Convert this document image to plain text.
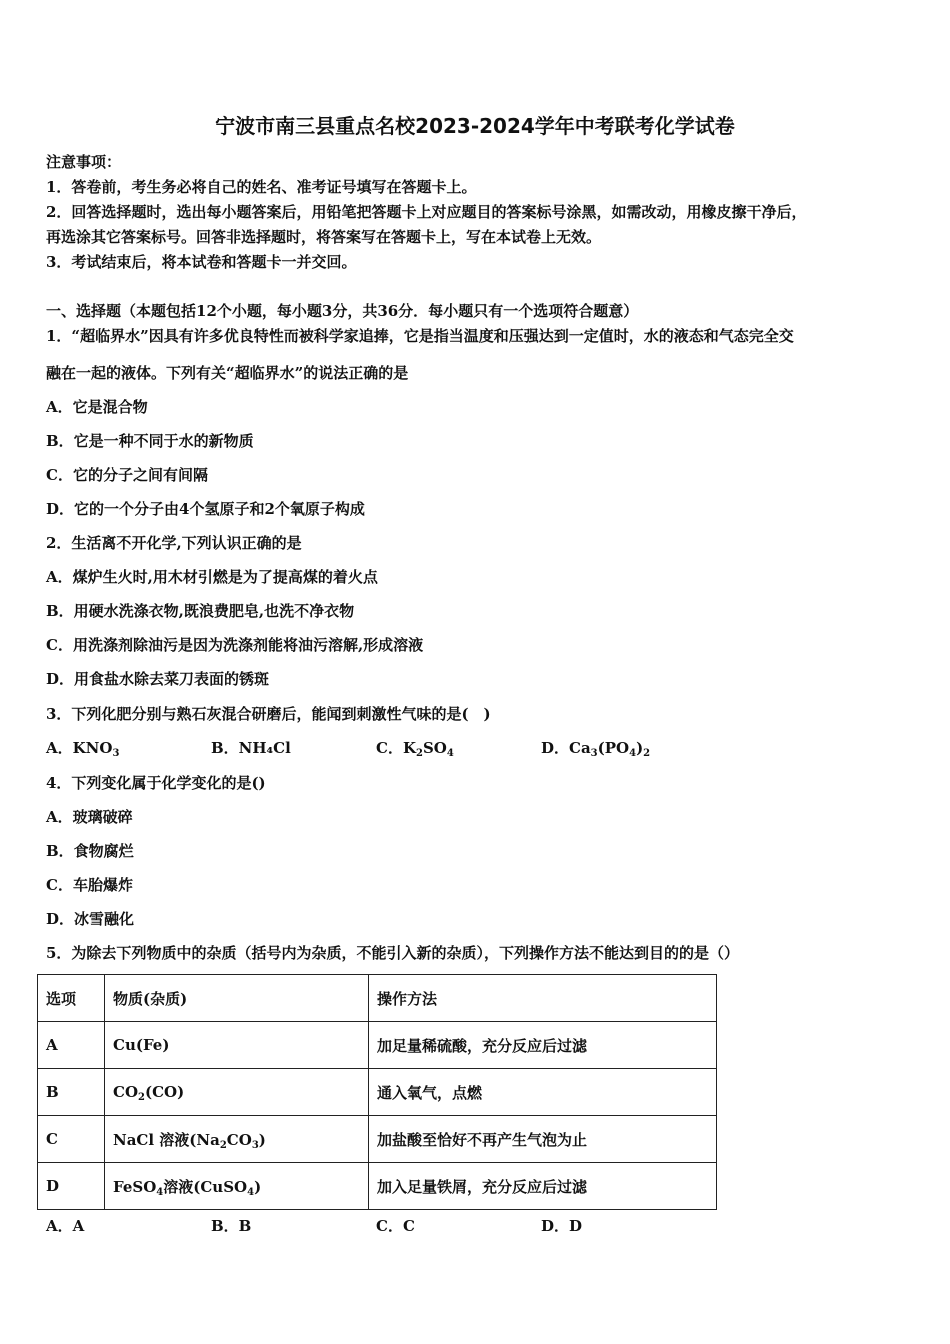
宁波市南三县重点名校2023-2024学年中考联考化学试卷
注意事项：
1．答卷前，考生务必将自己的姓名、准考证号填写在答题卡上。
2．回答选择题时，选出每小题答案后，用铅笔把答题卡上对应题目的答案标号涂黑，如需改动，用橡皮擦干净后，
再选涂其它答案标号。回答非选择题时，将答案写在答题卡上，写在本试卷上无效。
3．考试结束后，将本试卷和答题卡一并交回。
一、选择题（本题包括12个小题，每小题3分，共36分．每小题只有一个选项符合题意）
1．“超临界水”因具有许多优良特性而被科学家追捧，它是指当温度和压强达到一定值时，水的液态和气态完全交
融在一起的液体。下列有关“超临界水”的说法正确的是
A．它是混合物
B．它是一种不同于水的新物质
C．它的分子之间有间隔
D．它的一个分子由4个氢原子和2个氧原子构成
2．生活离不开化学,下列认识正确的是
A．煤炉生火时,用木材引燃是为了提高煤的着火点
B．用硬水洗涤衣物,既浪费肥皂,也洗不净衣物
C．用洗涤剂除油污是因为洗涤剂能将油污溶解,形成溶液
D．用食盐水除去菜刀表面的锈斑
3．下列化肥分别与熟石灰混合研磨后，能闻到刺激性气味的是(　)
A．$KNO_3$	B．NH₄Cl	C．$K_2SO_4$	D．$Ca_3(PO_4)_2$
4．下列变化属于化学变化的是()
A．玻璃破碎
B．食物腐烂
C．车胎爆炸
D．冰雪融化
5．为除去下列物质中的杂质（括号内为杂质，不能引入新的杂质），下列操作方法不能达到目的的是（）
选项	物质(杂质)	操作方法
A	Cu(Fe)	加足量稀硫酸，充分反应后过滤
B	$CO_2(CO)$	通入氧气，点燃
C	NaCl 溶液$(Na_2CO_3)$	加盐酸至恰好不再产生气泡为止
D	FeSO$_4$溶液(CuSO$_4$)	加入足量铁屑，充分反应后过滤
A．A	B．B	C．C	D．D
